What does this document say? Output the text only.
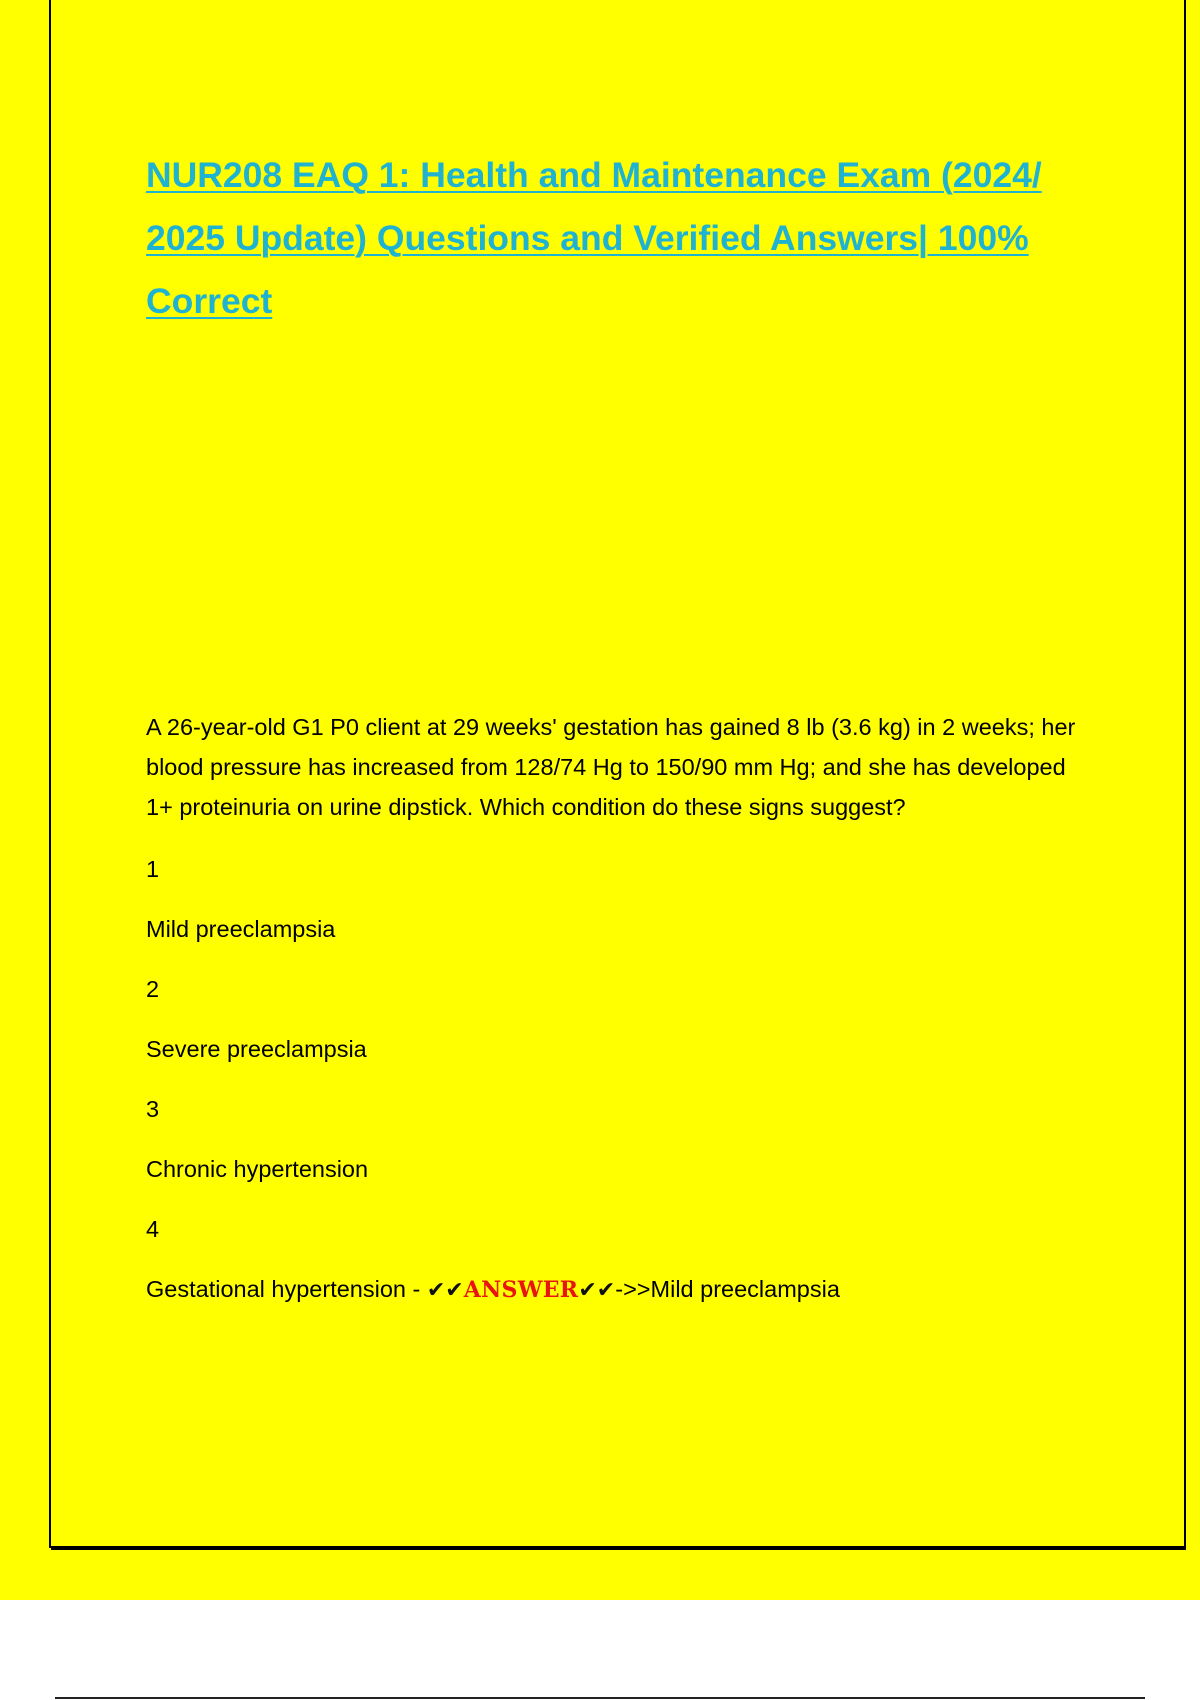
NUR208 EAQ 1: Health and Maintenance Exam (2024/ 2025 Update) Questions and Verified Answers| 100% Correct

A 26-year-old G1 P0 client at 29 weeks' gestation has gained 8 lb (3.6 kg) in 2 weeks; her blood pressure has increased from 128/74 Hg to 150/90 mm Hg; and she has developed 1+ proteinuria on urine dipstick. Which condition do these signs suggest?

1

Mild preeclampsia

2

Severe preeclampsia

3

Chronic hypertension

4

Gestational hypertension - ✔✔ANSWER✔✔->>Mild preeclampsia
